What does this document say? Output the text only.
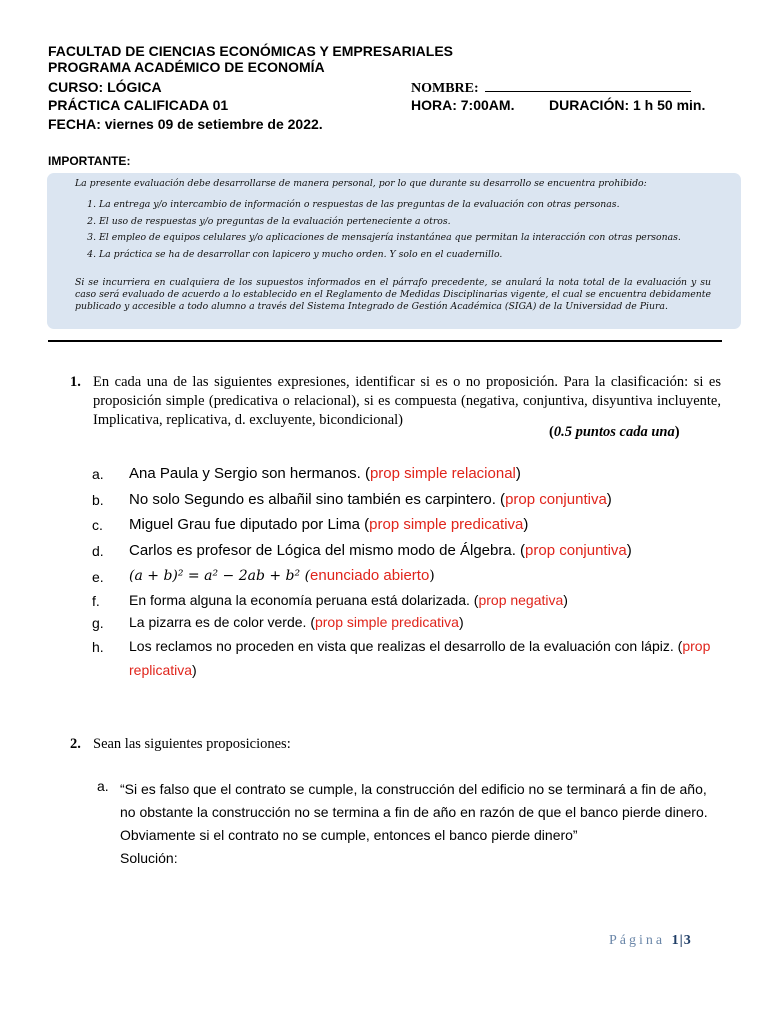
FACULTAD DE CIENCIAS ECONÓMICAS Y EMPRESARIALES
PROGRAMA ACADÉMICO DE ECONOMÍA
CURSO: LÓGICA
PRÁCTICA CALIFICADA 01
FECHA: viernes 09 de setiembre de 2022.
NOMBRE:
HORA: 7:00AM. DURACIÓN: 1 h 50 min.
IMPORTANTE:
La presente evaluación debe desarrollarse de manera personal, por lo que durante su desarrollo se encuentra prohibido:
1. La entrega y/o intercambio de información o respuestas de las preguntas de la evaluación con otras personas.
2. El uso de respuestas y/o preguntas de la evaluación perteneciente a otros.
3. El empleo de equipos celulares y/o aplicaciones de mensajería instantánea que permitan la interacción con otras personas.
4. La práctica se ha de desarrollar con lapicero y mucho orden. Y solo en el cuadernillo.
Si se incurriera en cualquiera de los supuestos informados en el párrafo precedente, se anulará la nota total de la evaluación y su caso será evaluado de acuerdo a lo establecido en el Reglamento de Medidas Disciplinarias vigente, el cual se encuentra debidamente publicado y accesible a todo alumno a través del Sistema Integrado de Gestión Académica (SIGA) de la Universidad de Piura.
1. En cada una de las siguientes expresiones, identificar si es o no proposición. Para la clasificación: si es proposición simple (predicativa o relacional), si es compuesta (negativa, conjuntiva, disyuntiva incluyente, Implicativa, replicativa, d. excluyente, bicondicional)
(0.5 puntos cada una)
a. Ana Paula y Sergio son hermanos. (prop simple relacional)
b. No solo Segundo es albañil sino también es carpintero. (prop conjuntiva)
c. Miguel Grau fue diputado por Lima (prop simple predicativa)
d. Carlos es profesor de Lógica del mismo modo de Álgebra. (prop conjuntiva)
e. (a + b)² = a² − 2ab + b² (enunciado abierto)
f. En forma alguna la economía peruana está dolarizada. (prop negativa)
g. La pizarra es de color verde. (prop simple predicativa)
h. Los reclamos no proceden en vista que realizas el desarrollo de la evaluación con lápiz. (prop
replicativa)
2. Sean las siguientes proposiciones:
a. “Si es falso que el contrato se cumple, la construcción del edificio no se terminará a fin de año,
no obstante la construcción no se termina a fin de año en razón de que el banco pierde dinero.
Obviamente si el contrato no se cumple, entonces el banco pierde dinero”
Solución:
Página 1|3
